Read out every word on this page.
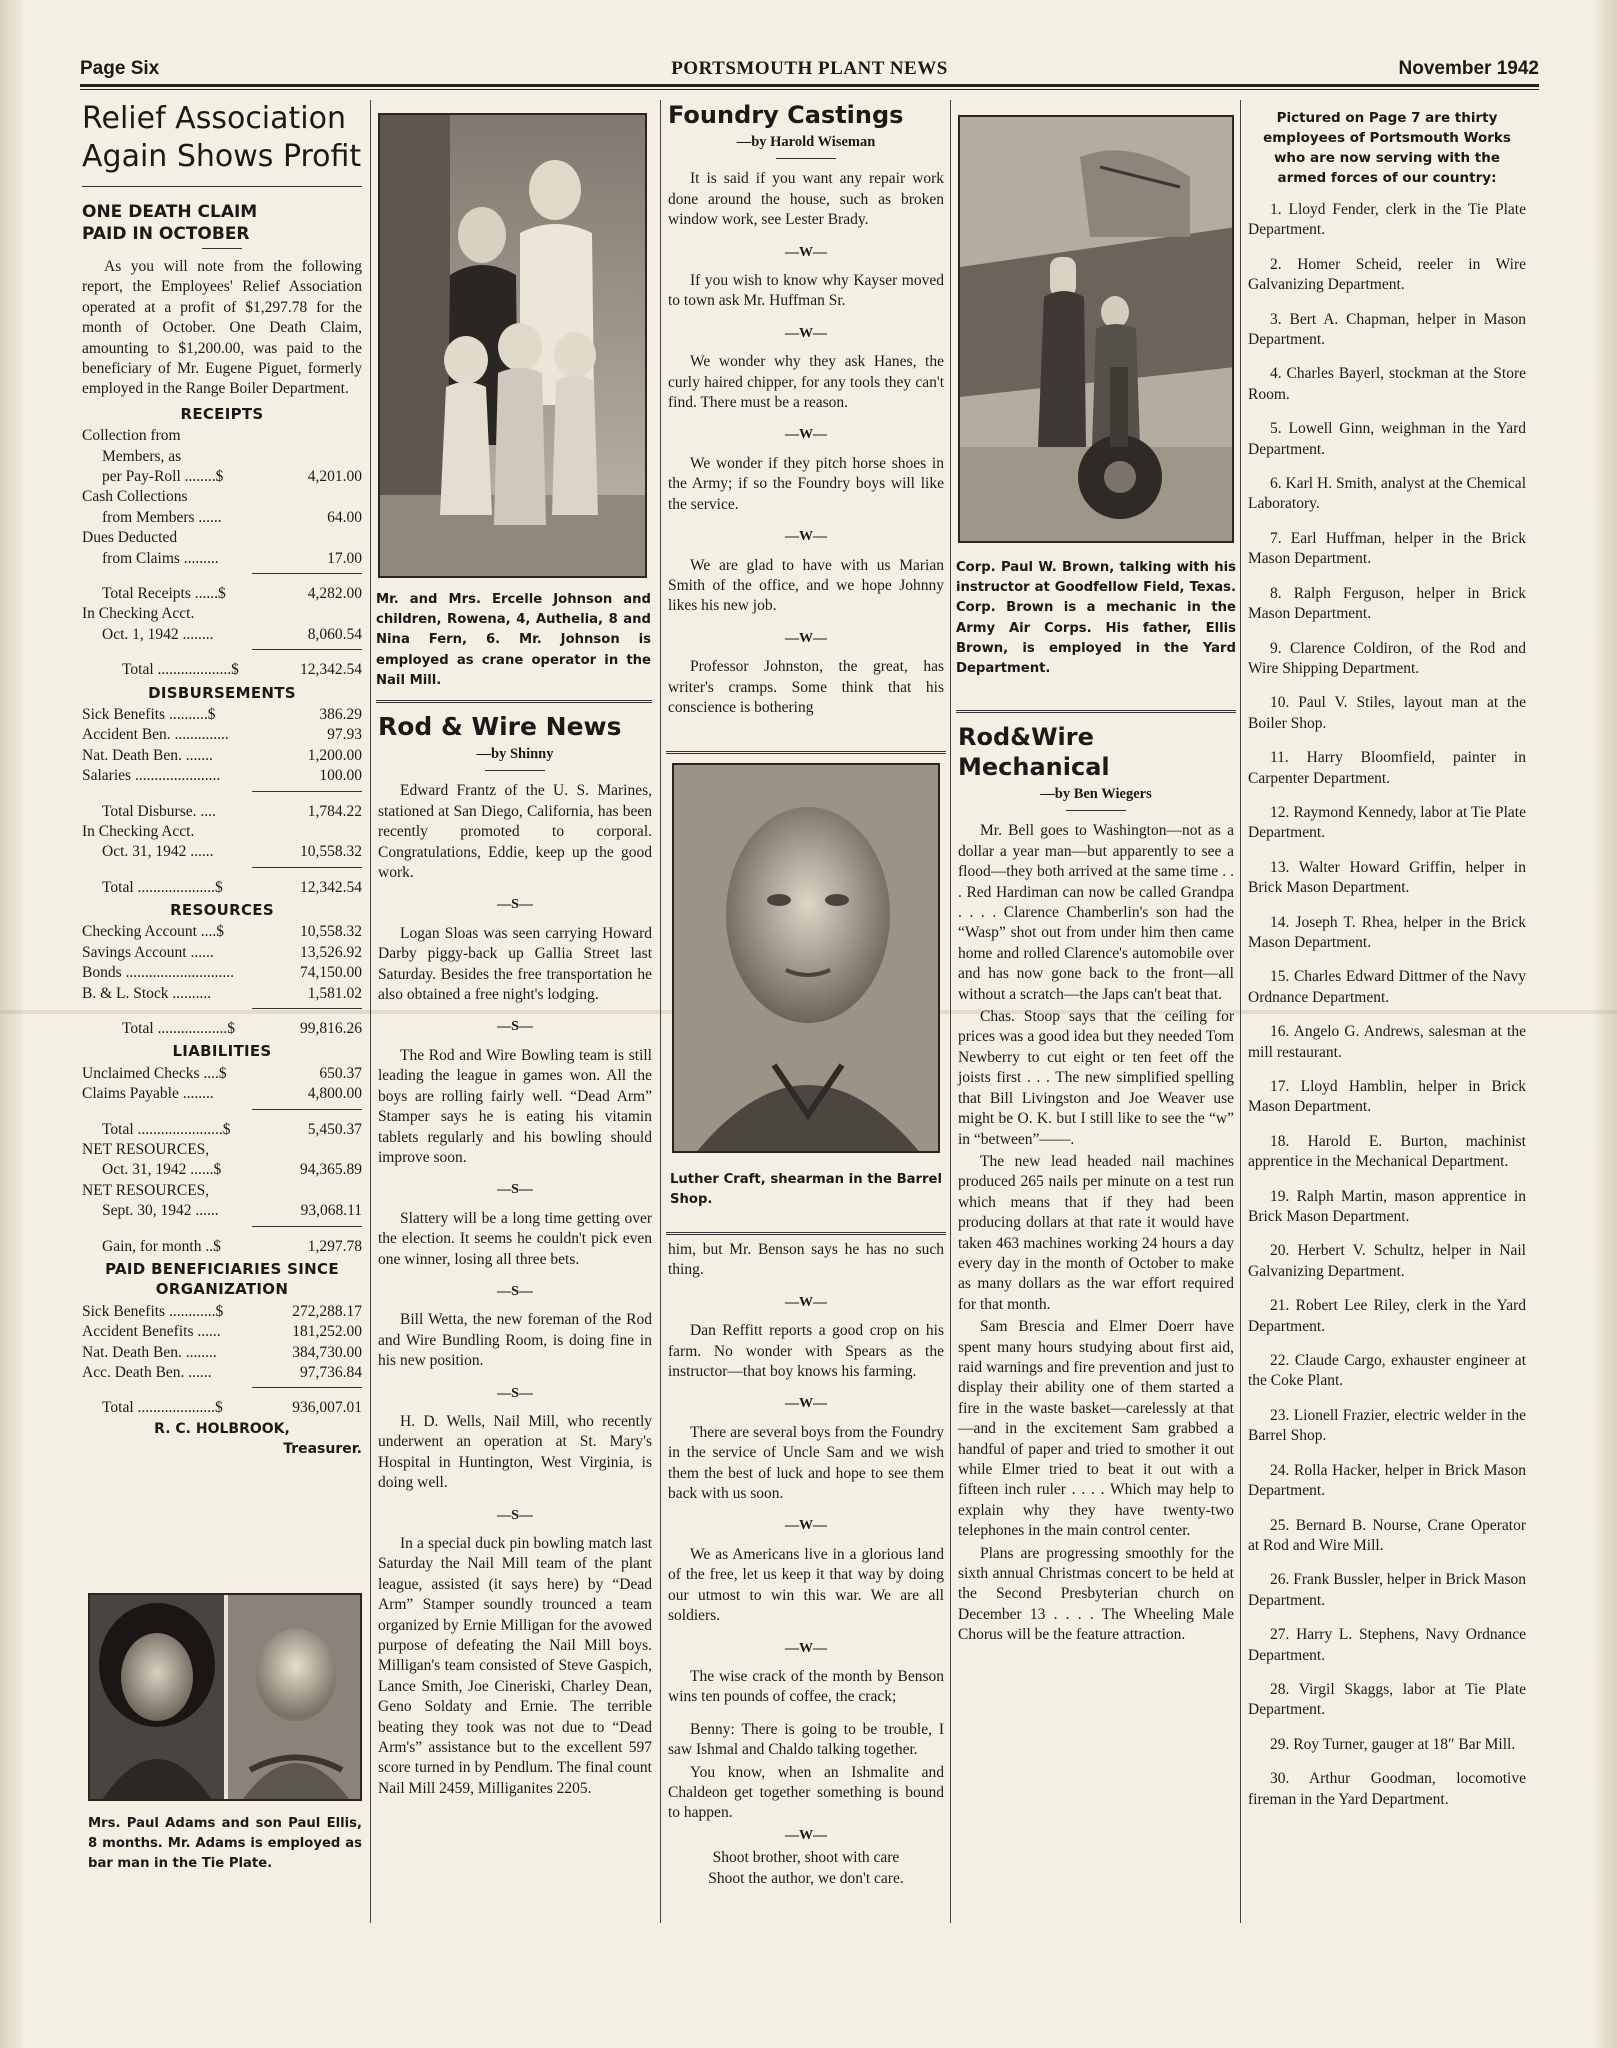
Page Six	PORTSMOUTH PLANT NEWS	November 1942
Relief Association
Again Shows Profit
ONE DEATH CLAIM
PAID IN OCTOBER

As you will note from the following report, the Employees' Relief Association operated at a profit of $1,297.78 for the month of October. One Death Claim, amounting to $1,200.00, was paid to the beneficiary of Mr. Eugene Piguet, formerly employed in the Range Boiler Department.

RECEIPTS
Collection from
Members, as
per Pay-Roll ........$	4,201.00
Cash Collections
from Members ......	64.00
Dues Deducted
from Claims .........	17.00
Total Receipts ......$	4,282.00
In Checking Acct.
Oct. 1, 1942 ........	8,060.54
Total ...................$	12,342.54
DISBURSEMENTS
Sick Benefits ..........$	386.29
Accident Ben. ..............	97.93
Nat. Death Ben. .......	1,200.00
Salaries ......................	100.00
Total Disburse. ....	1,784.22
In Checking Acct.
Oct. 31, 1942 ......	10,558.32
Total ....................$	12,342.54
RESOURCES
Checking Account ....$	10,558.32
Savings Account ......	13,526.92
Bonds ............................	74,150.00
B. & L. Stock ..........	1,581.02
Total ..................$	99,816.26
LIABILITIES
Unclaimed Checks ....$	650.37
Claims Payable ........	4,800.00
Total ......................$	5,450.37
NET RESOURCES,
Oct. 31, 1942 ......$	94,365.89
NET RESOURCES,
Sept. 30, 1942 ......	93,068.11
Gain, for month ..$	1,297.78
PAID BENEFICIARIES SINCE
ORGANIZATION
Sick Benefits ............$	272,288.17
Accident Benefits ......	181,252.00
Nat. Death Ben. ........	384,730.00
Acc. Death Ben. ......	97,736.84
Total ....................$	936,007.01
R. C. HOLBROOK,
Treasurer.
Mrs. Paul Adams and son Paul Ellis, 8 months. Mr. Adams is employed as bar man in the Tie Plate.
Mr. and Mrs. Ercelle Johnson and children, Rowena, 4, Authelia, 8 and Nina Fern, 6. Mr. Johnson is employed as crane operator in the Nail Mill.
Rod & Wire News
—by Shinny

Edward Frantz of the U. S. Marines, stationed at San Diego, California, has been recently promoted to corporal. Congratulations, Eddie, keep up the good work.

—S—

Logan Sloas was seen carrying Howard Darby piggy-back up Gallia Street last Saturday. Besides the free transportation he also obtained a free night's lodging.

—S—

The Rod and Wire Bowling team is still leading the league in games won. All the boys are rolling fairly well. “Dead Arm” Stamper says he is eating his vitamin tablets regularly and his bowling should improve soon.

—S—

Slattery will be a long time getting over the election. It seems he couldn't pick even one winner, losing all three bets.

—S—

Bill Wetta, the new foreman of the Rod and Wire Bundling Room, is doing fine in his new position.

—S—

H. D. Wells, Nail Mill, who recently underwent an operation at St. Mary's Hospital in Huntington, West Virginia, is doing well.

—S—

In a special duck pin bowling match last Saturday the Nail Mill team of the plant league, assisted (it says here) by “Dead Arm” Stamper soundly trounced a team organized by Ernie Milligan for the avowed purpose of defeating the Nail Mill boys. Milligan's team consisted of Steve Gaspich, Lance Smith, Joe Cineriski, Charley Dean, Geno Soldaty and Ernie. The terrible beating they took was not due to “Dead Arm's” assistance but to the excellent 597 score turned in by Pendlum. The final count Nail Mill 2459, Milliganites 2205.

Foundry Castings
—by Harold Wiseman

It is said if you want any repair work done around the house, such as broken window work, see Lester Brady.

—W—

If you wish to know why Kayser moved to town ask Mr. Huffman Sr.

—W—

We wonder why they ask Hanes, the curly haired chipper, for any tools they can't find. There must be a reason.

—W—

We wonder if they pitch horse shoes in the Army; if so the Foundry boys will like the service.

—W—

We are glad to have with us Marian Smith of the office, and we hope Johnny likes his new job.

—W—

Professor Johnston, the great, has writer's cramps. Some think that his conscience is bothering

Luther Craft, shearman in the Barrel Shop.

him, but Mr. Benson says he has no such thing.

—W—

Dan Reffitt reports a good crop on his farm. No wonder with Spears as the instructor—that boy knows his farming.

—W—

There are several boys from the Foundry in the service of Uncle Sam and we wish them the best of luck and hope to see them back with us soon.

—W—

We as Americans live in a glorious land of the free, let us keep it that way by doing our utmost to win this war. We are all soldiers.

—W—

The wise crack of the month by Benson wins ten pounds of coffee, the crack;

Benny: There is going to be trouble, I saw Ishmal and Chaldo talking together.

You know, when an Ishmalite and Chaldeon get together something is bound to happen.

—W—
Shoot brother, shoot with care
Shoot the author, we don't care.
Corp. Paul W. Brown, talking with his instructor at Goodfellow Field, Texas. Corp. Brown is a mechanic in the Army Air Corps. His father, Ellis Brown, is employed in the Yard Department.
Rod&Wire Mechanical
—by Ben Wiegers

Mr. Bell goes to Washington—not as a dollar a year man—but apparently to see a flood—they both arrived at the same time . . . Red Hardiman can now be called Grandpa . . . . Clarence Chamberlin's son had the “Wasp” shot out from under him then came home and rolled Clarence's automobile over and has now gone back to the front—all without a scratch—the Japs can't beat that.

Chas. Stoop says that the ceiling for prices was a good idea but they needed Tom Newberry to cut eight or ten feet off the joists first . . . The new simplified spelling that Bill Livingston and Joe Weaver use might be O. K. but I still like to see the “w” in “between”——.

The new lead headed nail machines produced 265 nails per minute on a test run which means that if they had been producing dollars at that rate it would have taken 463 machines working 24 hours a day every day in the month of October to make as many dollars as the war effort required for that month.

Sam Brescia and Elmer Doerr have spent many hours studying about first aid, raid warnings and fire prevention and just to display their ability one of them started a fire in the waste basket—carelessly at that—and in the excitement Sam grabbed a handful of paper and tried to smother it out while Elmer tried to beat it out with a fifteen inch ruler . . . . Which may help to explain why they have twenty-two telephones in the main control center.

Plans are progressing smoothly for the sixth annual Christmas concert to be held at the Second Presbyterian church on December 13 . . . . The Wheeling Male Chorus will be the feature attraction.

Pictured on Page 7 are thirty employees of Portsmouth Works who are now serving with the armed forces of our country:
1. Lloyd Fender, clerk in the Tie Plate Department.
2. Homer Scheid, reeler in Wire Galvanizing Department.
3. Bert A. Chapman, helper in Mason Department.
4. Charles Bayerl, stockman at the Store Room.
5. Lowell Ginn, weighman in the Yard Department.
6. Karl H. Smith, analyst at the Chemical Laboratory.
7. Earl Huffman, helper in the Brick Mason Department.
8. Ralph Ferguson, helper in Brick Mason Department.
9. Clarence Coldiron, of the Rod and Wire Shipping Department.
10. Paul V. Stiles, layout man at the Boiler Shop.
11. Harry Bloomfield, painter in Carpenter Department.
12. Raymond Kennedy, labor at Tie Plate Department.
13. Walter Howard Griffin, helper in Brick Mason Department.
14. Joseph T. Rhea, helper in the Brick Mason Department.
15. Charles Edward Dittmer of the Navy Ordnance Department.
16. Angelo G. Andrews, salesman at the mill restaurant.
17. Lloyd Hamblin, helper in Brick Mason Department.
18. Harold E. Burton, machinist apprentice in the Mechanical Department.
19. Ralph Martin, mason apprentice in Brick Mason Department.
20. Herbert V. Schultz, helper in Nail Galvanizing Department.
21. Robert Lee Riley, clerk in the Yard Department.
22. Claude Cargo, exhauster engineer at the Coke Plant.
23. Lionell Frazier, electric welder in the Barrel Shop.
24. Rolla Hacker, helper in Brick Mason Department.
25. Bernard B. Nourse, Crane Operator at Rod and Wire Mill.
26. Frank Bussler, helper in Brick Mason Department.
27. Harry L. Stephens, Navy Ordnance Department.
28. Virgil Skaggs, labor at Tie Plate Department.
29. Roy Turner, gauger at 18″ Bar Mill.
30. Arthur Goodman, locomotive fireman in the Yard Department.
